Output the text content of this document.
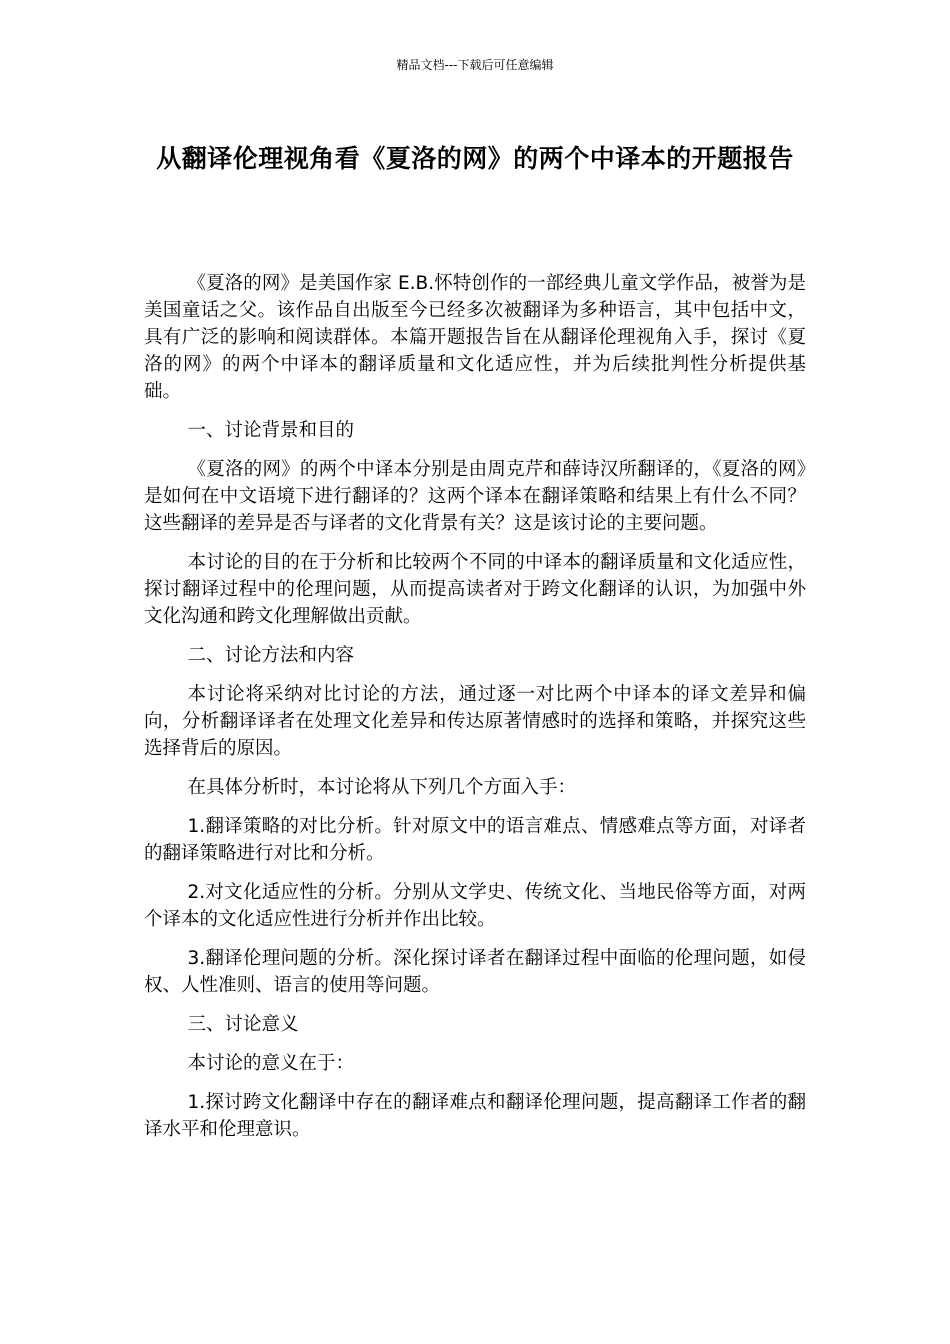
精品文档---下载后可任意编辑
从翻译伦理视角看《夏洛的网》的两个中译本的开题报告

《夏洛的网》是美国作家 E.B.怀特创作的一部经典儿童文学作品，被誉为是美国童话之父。该作品自出版至今已经多次被翻译为多种语言，其中包括中文，具有广泛的影响和阅读群体。本篇开题报告旨在从翻译伦理视角入手，探讨《夏洛的网》的两个中译本的翻译质量和文化适应性，并为后续批判性分析提供基础。

一、讨论背景和目的

《夏洛的网》的两个中译本分别是由周克芹和薛诗汉所翻译的，《夏洛的网》是如何在中文语境下进行翻译的？这两个译本在翻译策略和结果上有什么不同？这些翻译的差异是否与译者的文化背景有关？这是该讨论的主要问题。

本讨论的目的在于分析和比较两个不同的中译本的翻译质量和文化适应性，探讨翻译过程中的伦理问题，从而提高读者对于跨文化翻译的认识，为加强中外文化沟通和跨文化理解做出贡献。

二、讨论方法和内容

本讨论将采纳对比讨论的方法，通过逐一对比两个中译本的译文差异和偏向，分析翻译译者在处理文化差异和传达原著情感时的选择和策略，并探究这些选择背后的原因。

在具体分析时，本讨论将从下列几个方面入手：

1.翻译策略的对比分析。针对原文中的语言难点、情感难点等方面，对译者的翻译策略进行对比和分析。

2.对文化适应性的分析。分别从文学史、传统文化、当地民俗等方面，对两个译本的文化适应性进行分析并作出比较。

3.翻译伦理问题的分析。深化探讨译者在翻译过程中面临的伦理问题，如侵权、人性准则、语言的使用等问题。

三、讨论意义

本讨论的意义在于：

1.探讨跨文化翻译中存在的翻译难点和翻译伦理问题，提高翻译工作者的翻译水平和伦理意识。
